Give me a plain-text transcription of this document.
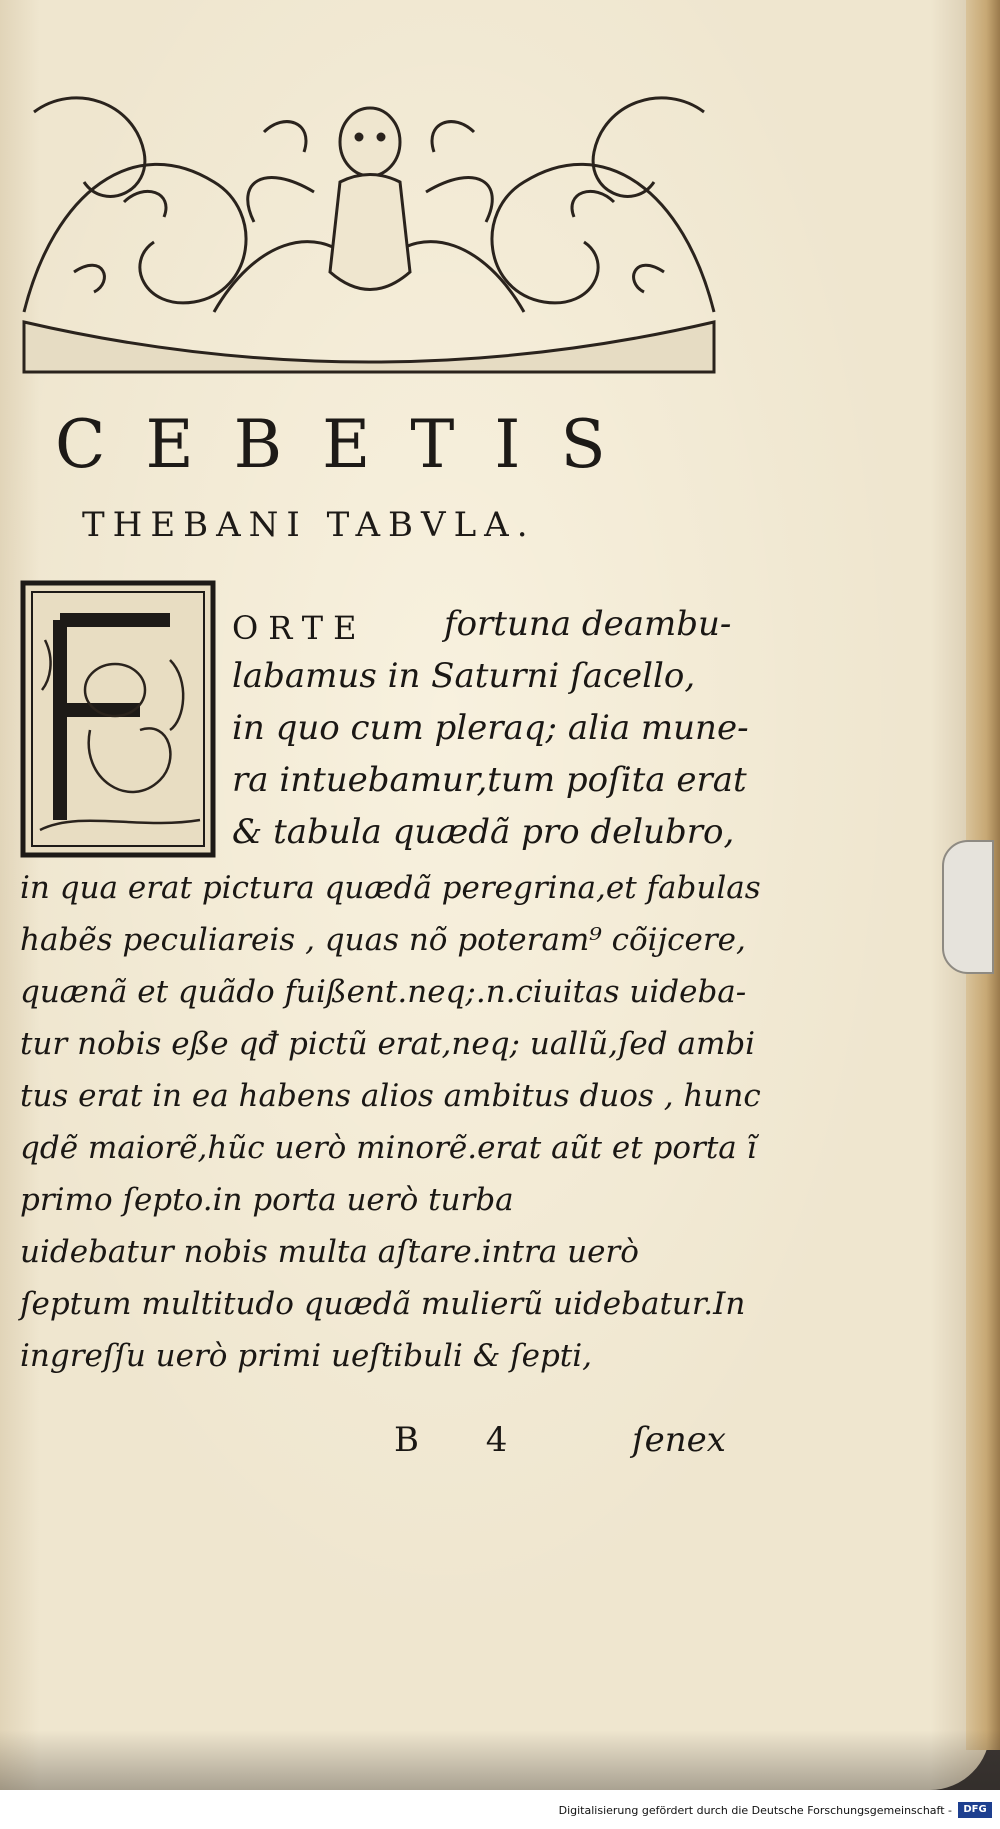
CEBETIS
THEBANI TABVLA.
ORTE fortuna deambu-
labamus in Saturni ſacello,
in quo cum pleraq; alia mune-
ra intuebamur,tum poſita erat
& tabula quædã pro delubro,
in qua erat pictura quædã peregrina,et fabulas
habẽs peculiareis , quas nõ poteram⁹ cõijcere,
quænã et quãdo fuißent.neq;.n.ciuitas uideba-
tur nobis eße qđ pictũ erat,neq; uallũ,ſed ambi
tus erat in ea habens alios ambitus duos , hunc
qdẽ maiorẽ,hũc uerò minorẽ.erat aũt et porta ĩ
primo ſepto.in porta uerò turba
uidebatur nobis multa aſtare.intra uerò
ſeptum multitudo quædã mulierũ uidebatur.In
ingreſſu uerò primi ueſtibuli & ſepti,
B 4	ſenex
Digitalisierung gefördert durch die Deutsche Forschungsgemeinschaft -	DFG
